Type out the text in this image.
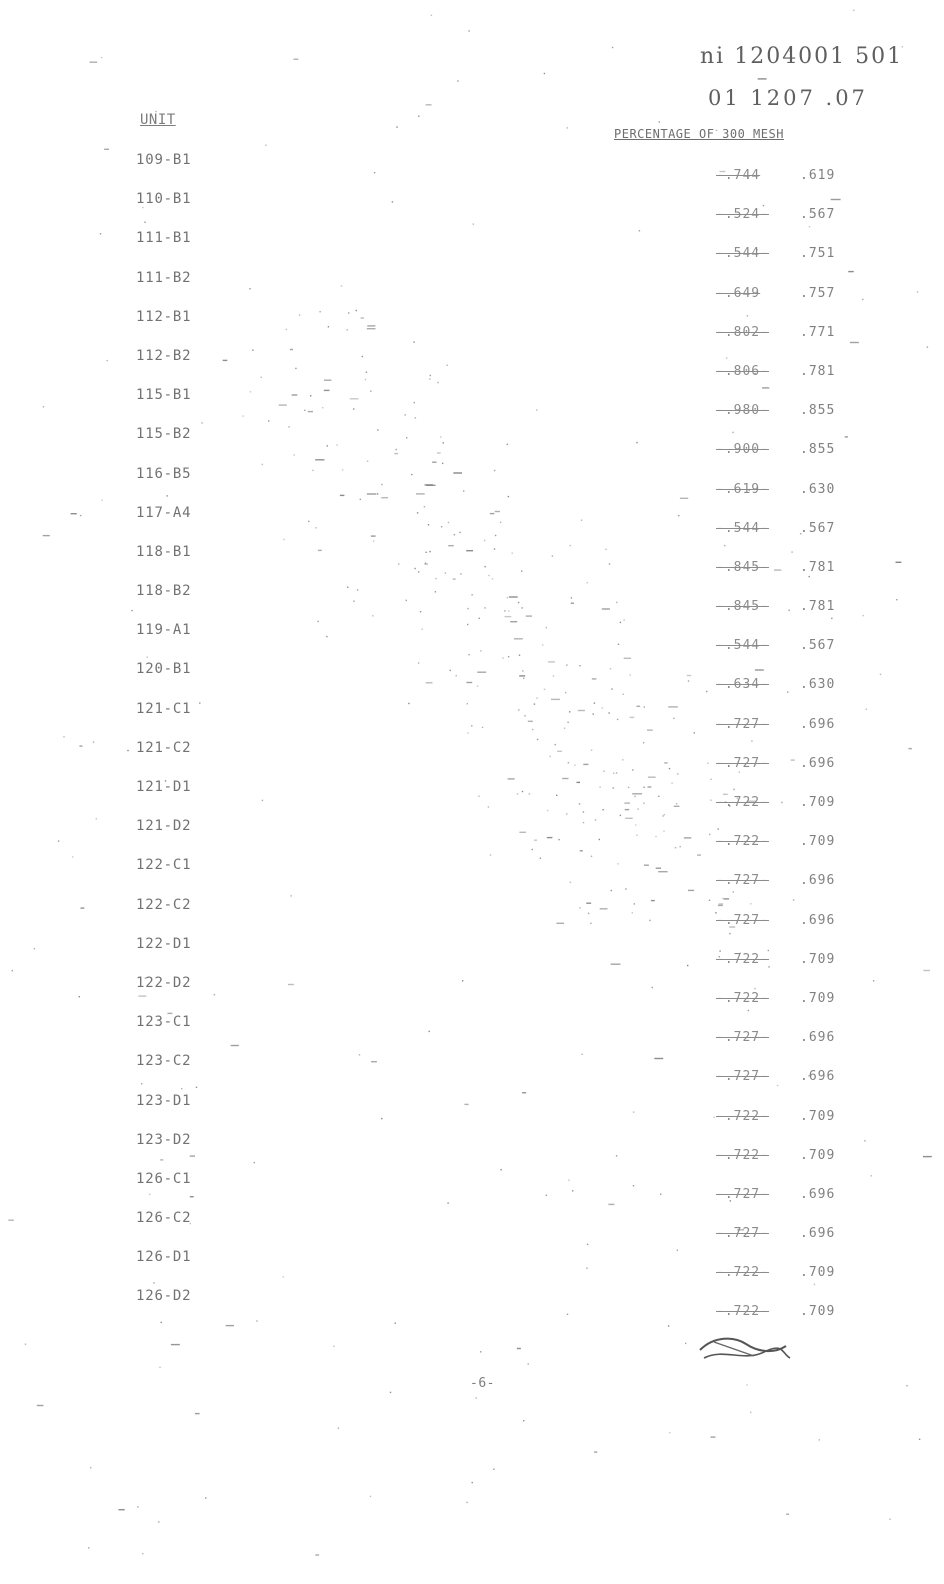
ni 1204001 501
01 1207 .07
PERCENTAGE OF 300 MESH
UNIT
109-B1
110-B1
111-B1
111-B2
112-B1
112-B2
115-B1
115-B2
116-B5
117-A4
118-B1
118-B2
119-A1
120-B1
121-C1
121-C2
121-D1
121-D2
122-C1
122-C2
122-D1
122-D2
123-C1
123-C2
123-D1
123-D2
126-C1
126-C2
126-D1
126-D2
-.744	.619
-.524- .567
-.544- .751
-.649	.757
-.802- .771
-.806- .781
-.980- .855
-.900- .855
-.619- .630
-.544- .567
-.845- .781
-.845- .781
-.544- .567
-.634- .630
-.727- .696
-.727- .696
-.722- .709
-.722- .709
-.727- .696
-.727- .696
-.722- .709
-.722- .709
-.727- .696
-.727- .696
-.722- .709
-.722- .709
-.727- .696
-.727- .696
-.722- .709
-.722- .709
-6-
